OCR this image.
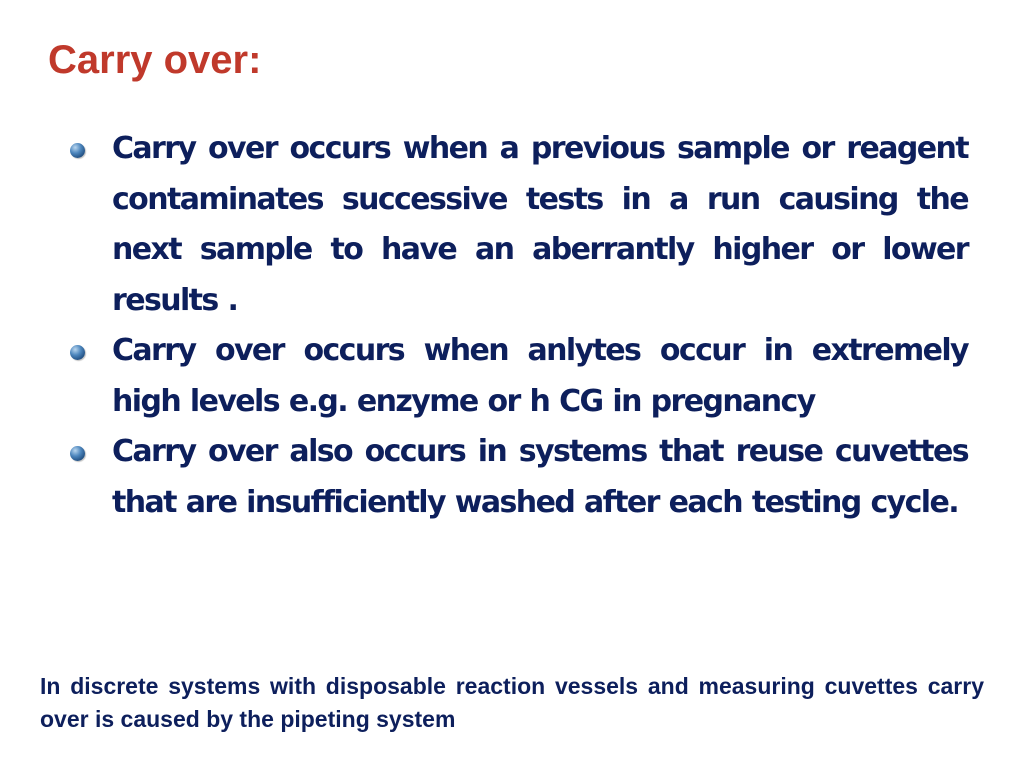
Carry over:
Carry over occurs when a previous sample or reagent contaminates successive tests in a run causing the next sample to have an aberrantly higher or lower results .
Carry over occurs when anlytes occur in extremely high levels e.g. enzyme or h CG in pregnancy
Carry over also occurs in systems that reuse cuvettes that are insufficiently washed after each testing cycle.

In discrete systems with disposable reaction vessels and measuring cuvettes carry over is caused by the pipeting system
